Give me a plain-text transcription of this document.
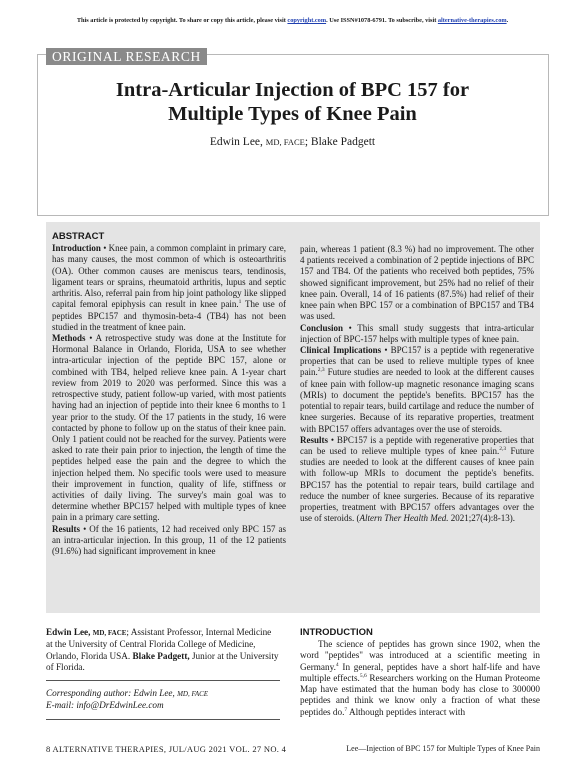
This article is protected by copyright. To share or copy this article, please visit copyright.com. Use ISSN#1078-6791. To subscribe, visit alternative-therapies.com.
ORIGINAL RESEARCH
Intra-Articular Injection of BPC 157 for
Multiple Types of Knee Pain
Edwin Lee, MD, FACE; Blake Padgett
ABSTRACT

Introduction • Knee pain, a common complaint in primary care, has many causes, the most common of which is osteoarthritis (OA). Other common causes are meniscus tears, tendinosis, ligament tears or sprains, rheumatoid arthritis, lupus and septic arthritis. Also, referral pain from hip joint pathology like slipped capital femoral epiphysis can result in knee pain.$^1$ The use of peptides BPC157 and thymosin-beta-4 (TB4) has not been studied in the treatment of knee pain.

Methods • A retrospective study was done at the Institute for Hormonal Balance in Orlando, Florida, USA to see whether intra-articular injection of the peptide BPC 157, alone or combined with TB4, helped relieve knee pain. A 1-year chart review from 2019 to 2020 was performed. Since this was a retrospective study, patient follow-up varied, with most patients having had an injection of peptide into their knee 6 months to 1 year prior to the study. Of the 17 patients in the study, 16 were contacted by phone to follow up on the status of their knee pain. Only 1 patient could not be reached for the survey. Patients were asked to rate their pain prior to injection, the length of time the peptides helped ease the pain and the degree to which the injection helped them. No specific tools were used to measure their improvement in function, quality of life, stiffness or activities of daily living. The survey's main goal was to determine whether BPC157 helped with multiple types of knee pain in a primary care setting.

Results • Of the 16 patients, 12 had received only BPC 157 as an intra-articular injection. In this group, 11 of the 12 patients (91.6%) had significant improvement in knee

pain, whereas 1 patient (8.3 %) had no improvement. The other 4 patients received a combination of 2 peptide injections of BPC 157 and TB4. Of the patients who received both peptides, 75% showed significant improvement, but 25% had no relief of their knee pain. Overall, 14 of 16 patients (87.5%) had relief of their knee pain when BPC 157 or a combination of BPC157 and TB4 was used.

Conclusion • This small study suggests that intra-articular injection of BPC-157 helps with multiple types of knee pain.

Clinical Implications • BPC157 is a peptide with regenerative properties that can be used to relieve multiple types of knee pain.$^{2,3}$ Future studies are needed to look at the different causes of knee pain with follow-up magnetic resonance imaging scans (MRIs) to document the peptide's benefits. BPC157 has the potential to repair tears, build cartilage and reduce the number of knee surgeries. Because of its reparative properties, treatment with BPC157 offers advantages over the use of steroids.

Results • BPC157 is a peptide with regenerative properties that can be used to relieve multiple types of knee pain.$^{2,3}$ Future studies are needed to look at the different causes of knee pain with follow-up MRIs to document the peptide's benefits. BPC157 has the potential to repair tears, build cartilage and reduce the number of knee surgeries. Because of its reparative properties, treatment with BPC157 offers advantages over the use of steroids. (Altern Ther Health Med. 2021;27(4):8-13).

Edwin Lee, MD, FACE; Assistant Professor, Internal Medicine at the University of Central Florida College of Medicine, Orlando, Florida USA. Blake Padgett, Junior at the University of Florida.

Corresponding author: Edwin Lee, MD, FACE

E-mail: info@DrEdwinLee.com

INTRODUCTION

The science of peptides has grown since 1902, when the word "peptides" was introduced at a scientific meeting in Germany.$^4$ In general, peptides have a short half-life and have multiple effects.$^{5,6}$ Researchers working on the Human Proteome Map have estimated that the human body has close to 300000 peptides and think we know only a fraction of what these peptides do.$^7$ Although peptides interact with

8 ALTERNATIVE THERAPIES, JUL/AUG 2021 VOL. 27 NO. 4	Lee—Injection of BPC 157 for Multiple Types of Knee Pain
